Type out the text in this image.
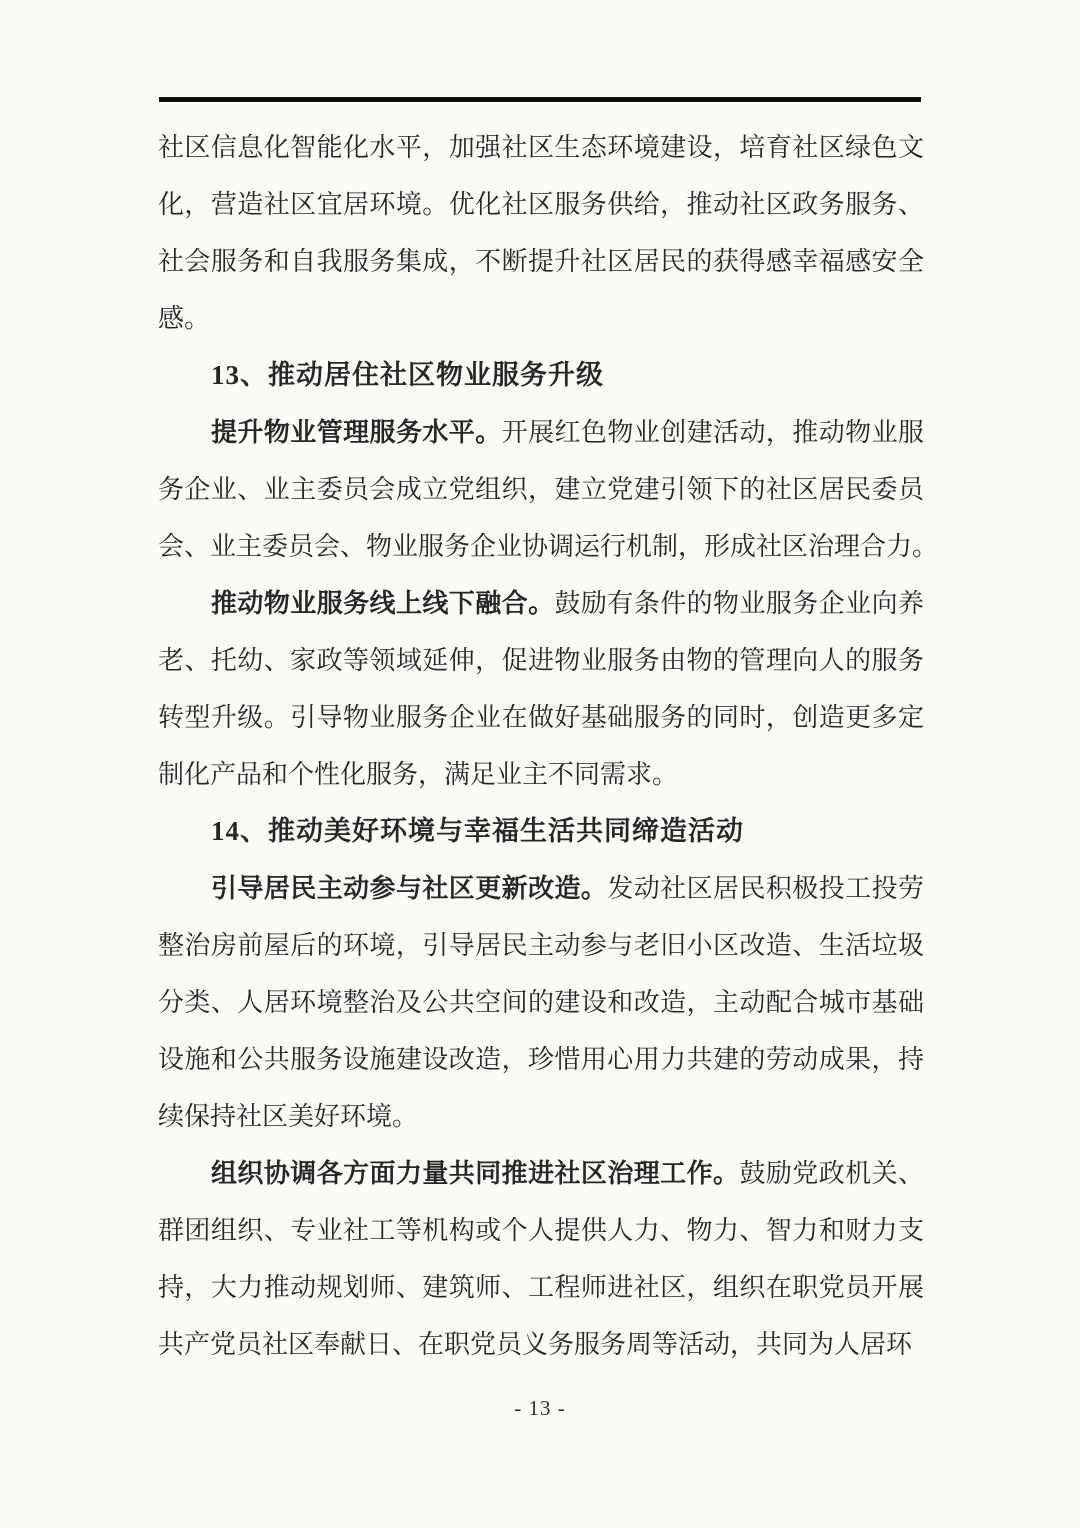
社区信息化智能化水平，加强社区生态环境建设，培育社区绿色文
化，营造社区宜居环境。优化社区服务供给，推动社区政务服务、
社会服务和自我服务集成，不断提升社区居民的获得感幸福感安全
感。
13、推动居住社区物业服务升级
提升物业管理服务水平。开展红色物业创建活动，推动物业服
务企业、业主委员会成立党组织，建立党建引领下的社区居民委员
会、业主委员会、物业服务企业协调运行机制，形成社区治理合力。
推动物业服务线上线下融合。鼓励有条件的物业服务企业向养
老、托幼、家政等领域延伸，促进物业服务由物的管理向人的服务
转型升级。引导物业服务企业在做好基础服务的同时，创造更多定
制化产品和个性化服务，满足业主不同需求。
14、推动美好环境与幸福生活共同缔造活动
引导居民主动参与社区更新改造。发动社区居民积极投工投劳
整治房前屋后的环境，引导居民主动参与老旧小区改造、生活垃圾
分类、人居环境整治及公共空间的建设和改造，主动配合城市基础
设施和公共服务设施建设改造，珍惜用心用力共建的劳动成果，持
续保持社区美好环境。
组织协调各方面力量共同推进社区治理工作。鼓励党政机关、
群团组织、专业社工等机构或个人提供人力、物力、智力和财力支
持，大力推动规划师、建筑师、工程师进社区，组织在职党员开展
共产党员社区奉献日、在职党员义务服务周等活动，共同为人居环
- 13 -
